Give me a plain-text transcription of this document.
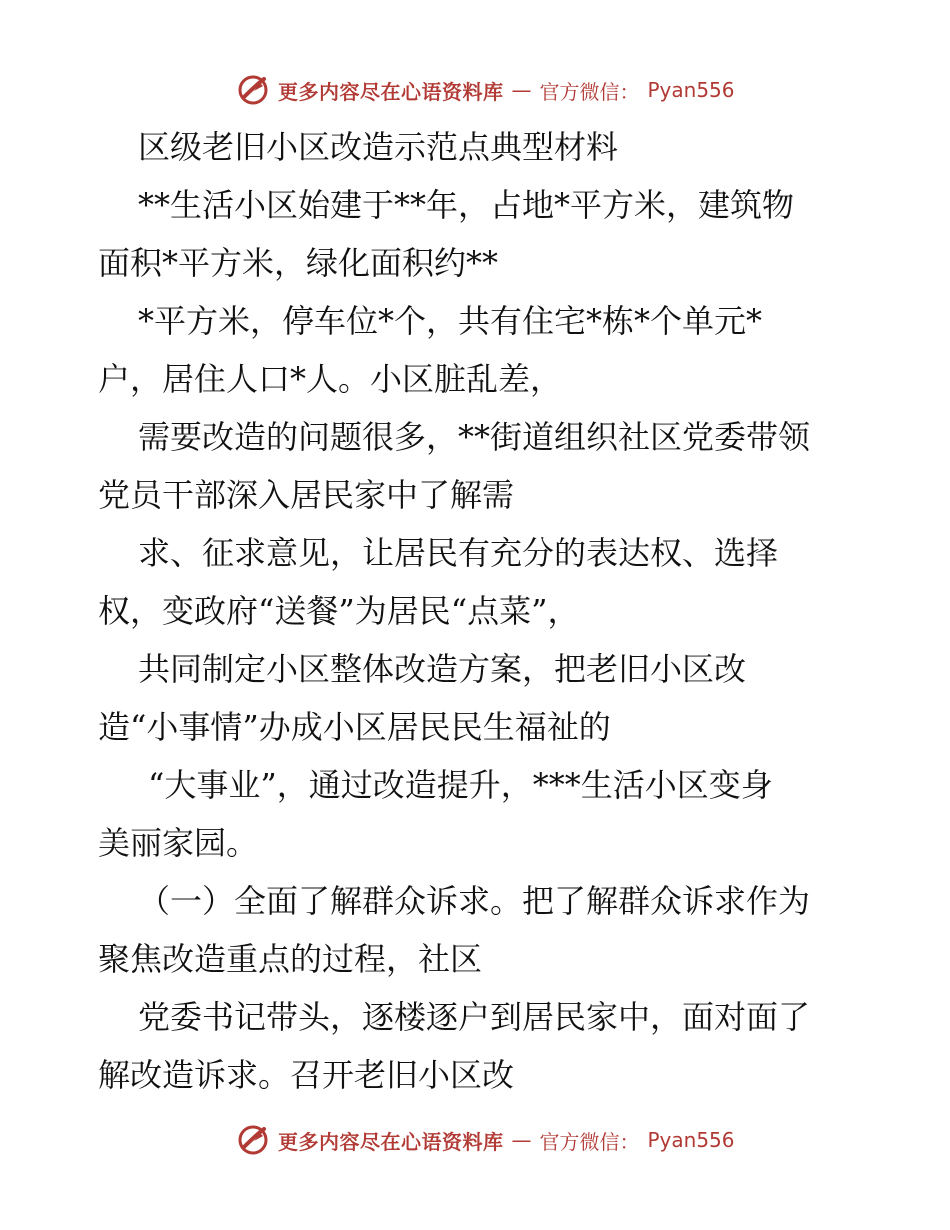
更多内容尽在心语资料库 — 官方微信： Pyan556
区级老旧小区改造示范点典型材料
**生活小区始建于**年，占地*平方米，建筑物
面积*平方米，绿化面积约**
*平方米，停车位*个，共有住宅*栋*个单元*
户，居住人口*人。小区脏乱差，
需要改造的问题很多，**街道组织社区党委带领
党员干部深入居民家中了解需
求、征求意见，让居民有充分的表达权、选择
权，变政府“送餐”为居民“点菜”，
共同制定小区整体改造方案，把老旧小区改
造“小事情”办成小区居民民生福祉的
“大事业”，通过改造提升，***生活小区变身
美丽家园。
（一）全面了解群众诉求。把了解群众诉求作为
聚焦改造重点的过程，社区
党委书记带头，逐楼逐户到居民家中，面对面了
解改造诉求。召开老旧小区改
更多内容尽在心语资料库 — 官方微信： Pyan556
